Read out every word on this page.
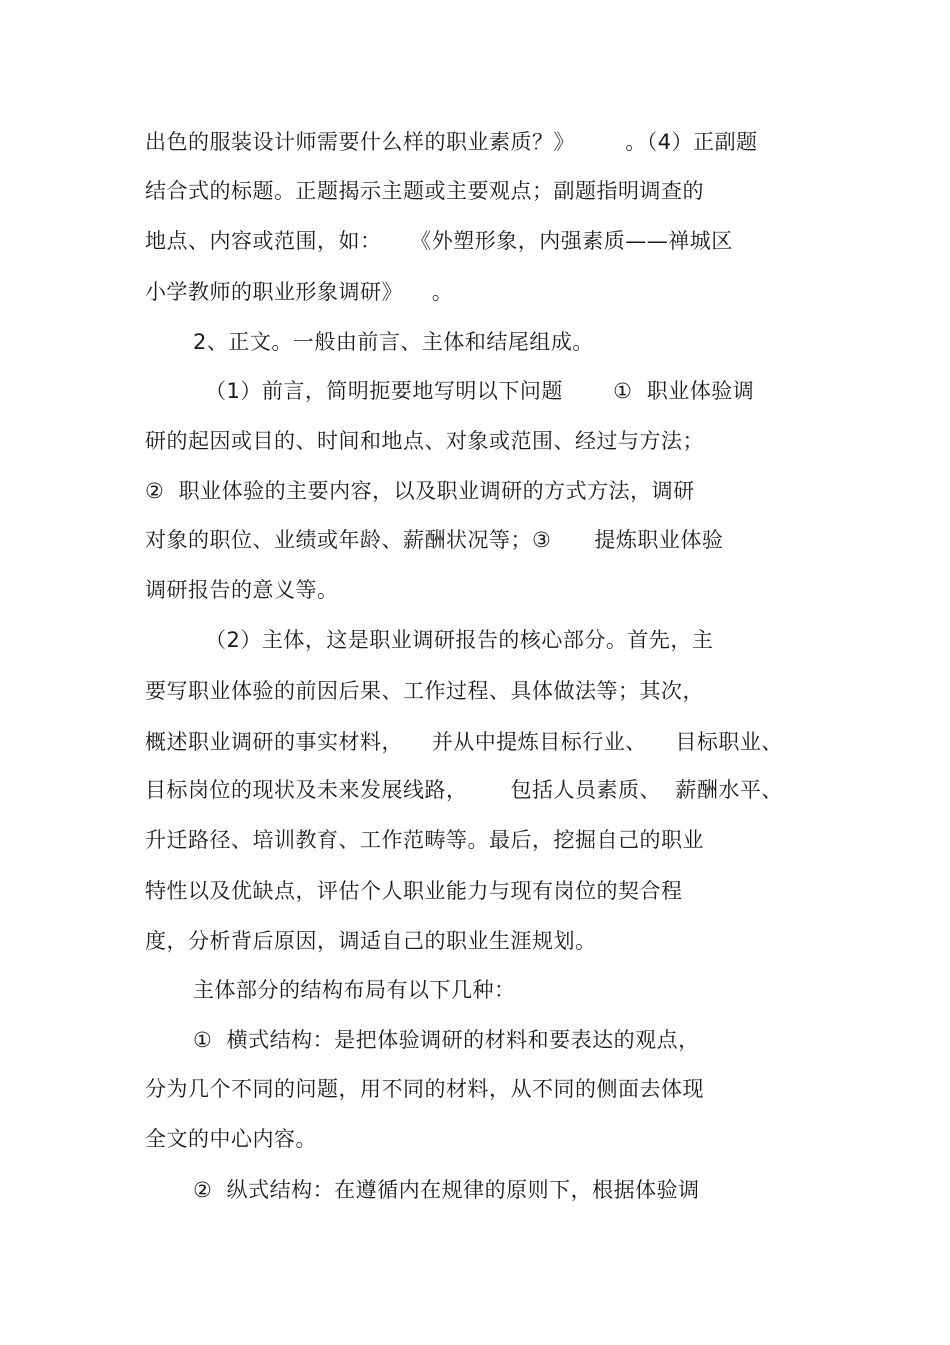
出色的服装设计师需要什么样的职业素质？》       。（4）正副题
结合式的标题。正题揭示主题或主要观点；副题指明调查的
地点、内容或范围，如：    《外塑形象，内强素质——禅城区
小学教师的职业形象调研》    。
2、正文。一般由前言、主体和结尾组成。
（1）前言，简明扼要地写明以下问题       ①  职业体验调
研的起因或目的、时间和地点、对象或范围、经过与方法；
②  职业体验的主要内容，以及职业调研的方式方法，调研
对象的职位、业绩或年龄、薪酬状况等；③      提炼职业体验
调研报告的意义等。
（2）主体，这是职业调研报告的核心部分。首先，主
要写职业体验的前因后果、工作过程、具体做法等；其次，
概述职业调研的事实材料，    并从中提炼目标行业、    目标职业、
目标岗位的现状及未来发展线路，      包括人员素质、  薪酬水平、
升迁路径、培训教育、工作范畴等。最后，挖掘自己的职业
特性以及优缺点，评估个人职业能力与现有岗位的契合程
度，分析背后原因，调适自己的职业生涯规划。
主体部分的结构布局有以下几种：
①  横式结构：是把体验调研的材料和要表达的观点，
分为几个不同的问题，用不同的材料，从不同的侧面去体现
全文的中心内容。
②  纵式结构：在遵循内在规律的原则下，根据体验调
